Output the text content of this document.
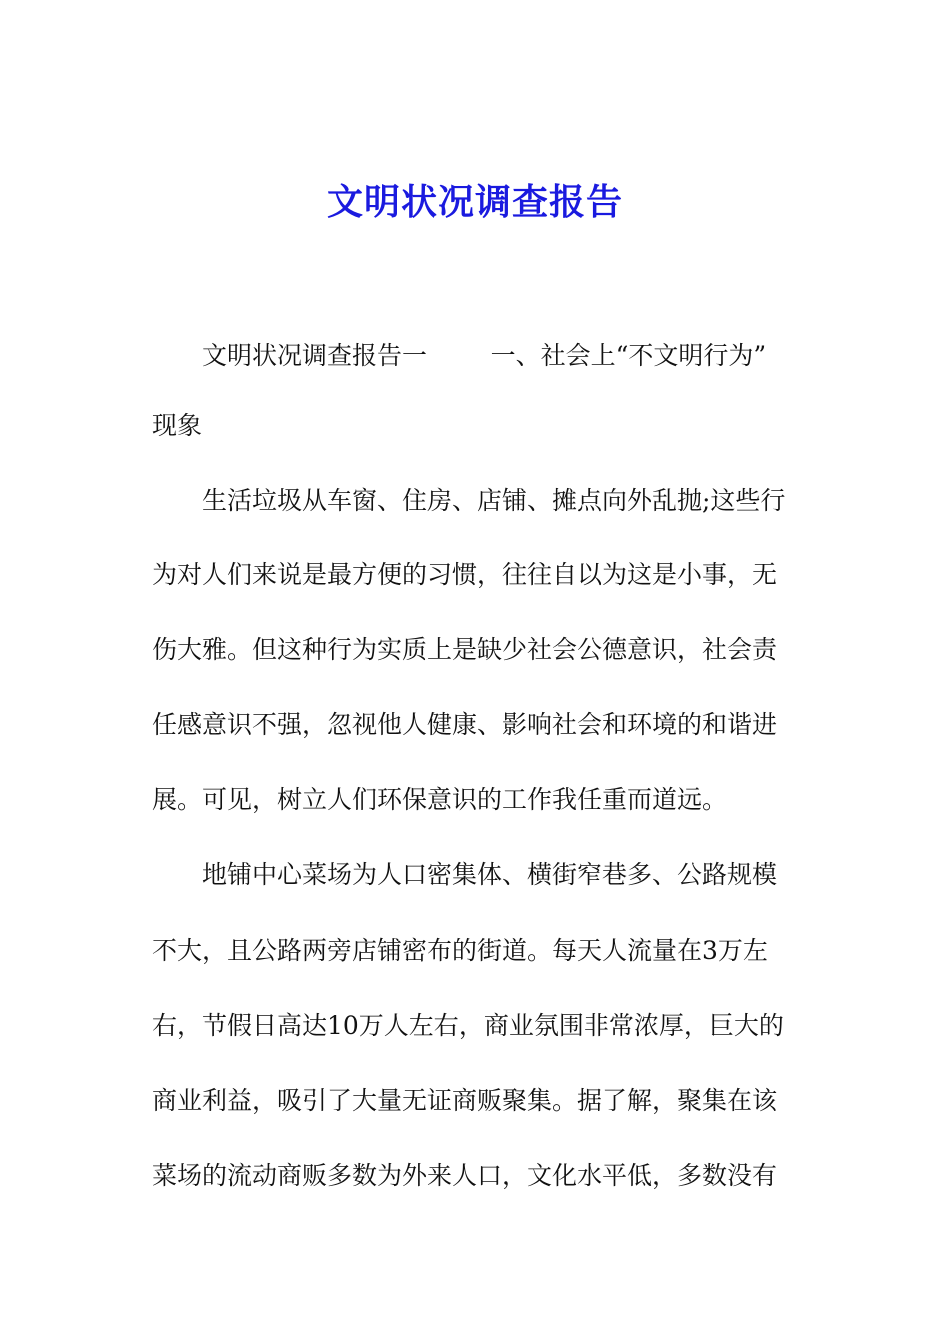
文明状况调查报告
文明状况调查报告一        一、社会上“不文明行为”
现象
生活垃圾从车窗、住房、店铺、摊点向外乱抛;这些行
为对人们来说是最方便的习惯，往往自以为这是小事，无
伤大雅。但这种行为实质上是缺少社会公德意识，社会责
任感意识不强，忽视他人健康、影响社会和环境的和谐进
展。可见，树立人们环保意识的工作我任重而道远。
地铺中心菜场为人口密集体、横街窄巷多、公路规模
不大，且公路两旁店铺密布的街道。每天人流量在3万左
右，节假日高达10万人左右，商业氛围非常浓厚，巨大的
商业利益，吸引了大量无证商贩聚集。据了解，聚集在该
菜场的流动商贩多数为外来人口，文化水平低，多数没有
